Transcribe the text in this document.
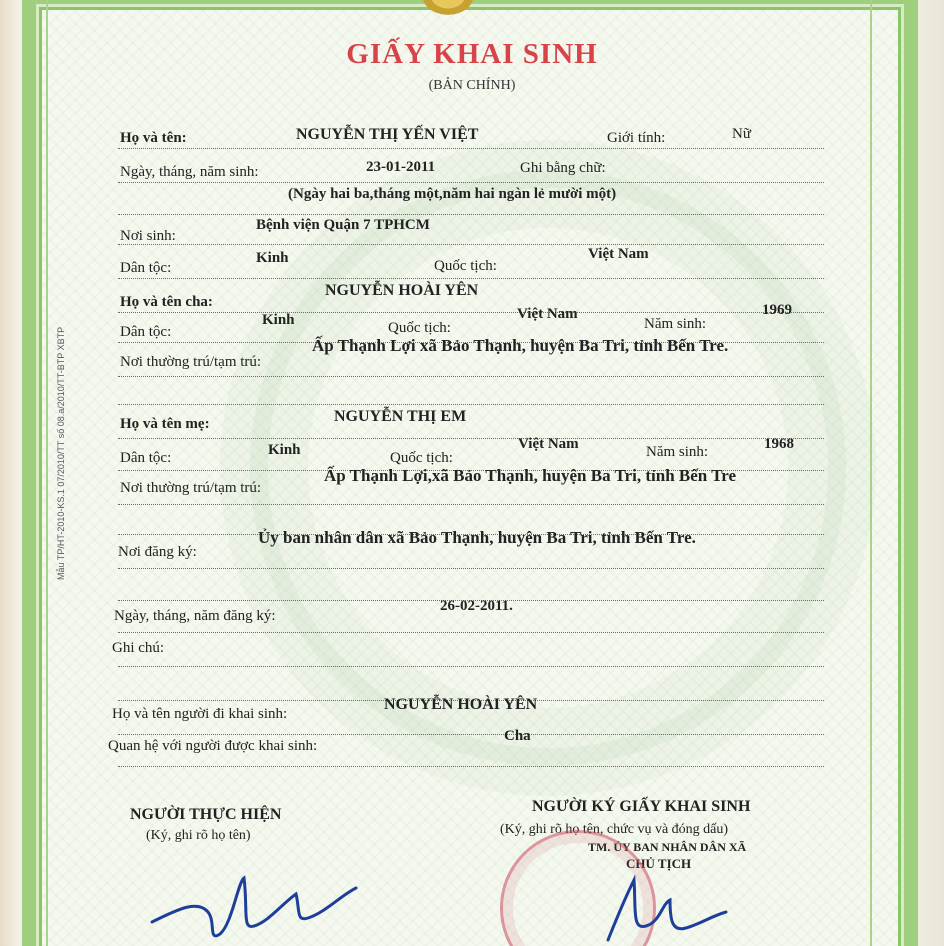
Mẫu TP/HT-2010-KS.1 07/2010/TT số 08.a/2010/TT-BTP XBTP
GIẤY KHAI SINH
(BẢN CHÍNH)
Họ và tên:	NGUYỄN THỊ YẾN VIỆT	Giới tính:	Nữ
Ngày, tháng, năm sinh:	23-01-2011	Ghi bằng chữ:
(Ngày hai ba,tháng một,năm hai ngàn lẻ mười một)
Nơi sinh:
Bệnh viện Quận 7 TPHCM
Dân tộc:
Kinh	Quốc tịch:
Việt Nam
Họ và tên cha:
NGUYỄN HOÀI YÊN
Dân tộc:
Kinh	Quốc tịch:
Việt Nam
Năm sinh:
1969
Nơi thường trú/tạm trú:
Ấp Thạnh Lợi xã Bảo Thạnh, huyện Ba Tri, tỉnh Bến Tre.
Họ và tên mẹ:	NGUYỄN THỊ EM
Dân tộc:	Kinh	Quốc tịch:
Việt Nam	Năm sinh:	1968
Nơi thường trú/tạm trú:
Ấp Thạnh Lợi,xã Bảo Thạnh, huyện Ba Tri, tỉnh Bến Tre
Nơi đăng ký:
Ủy ban nhân dân xã Bảo Thạnh, huyện Ba Tri, tỉnh Bến Tre.
Ngày, tháng, năm đăng ký:
26-02-2011.
Ghi chú:
Họ và tên người đi khai sinh:
NGUYỄN HOÀI YÊN
Quan hệ với người được khai sinh:
Cha
NGƯỜI THỰC HIỆN
(Ký, ghi rõ họ tên)
NGƯỜI KÝ GIẤY KHAI SINH
(Ký, ghi rõ họ tên, chức vụ và đóng dấu)
TM. ỦY BAN NHÂN DÂN XÃ
CHỦ TỊCH
